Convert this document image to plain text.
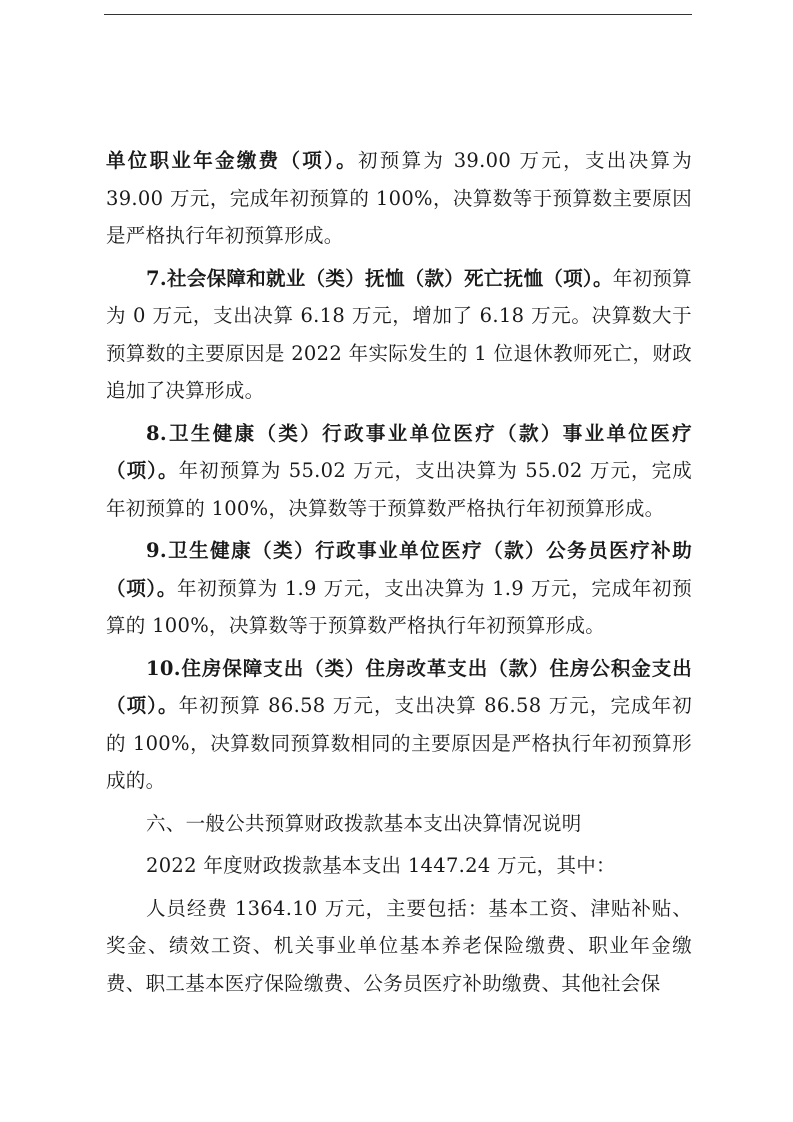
单位职业年金缴费（项）。初预算为 39.00 万元，支出决算为 39.00 万元，完成年初预算的 100%，决算数等于预算数主要原因是严格执行年初预算形成。

7.社会保障和就业（类）抚恤（款）死亡抚恤（项）。年初预算为 0 万元，支出决算 6.18 万元，增加了 6.18 万元。决算数大于预算数的主要原因是 2022 年实际发生的 1 位退休教师死亡，财政追加了决算形成。

8.卫生健康（类）行政事业单位医疗（款）事业单位医疗（项）。年初预算为 55.02 万元，支出决算为 55.02 万元，完成年初预算的 100%，决算数等于预算数严格执行年初预算形成。

9.卫生健康（类）行政事业单位医疗（款）公务员医疗补助（项）。年初预算为 1.9 万元，支出决算为 1.9 万元，完成年初预算的 100%，决算数等于预算数严格执行年初预算形成。

10.住房保障支出（类）住房改革支出（款）住房公积金支出（项）。年初预算 86.58 万元，支出决算 86.58 万元，完成年初的 100%，决算数同预算数相同的主要原因是严格执行年初预算形成的。

六、一般公共预算财政拨款基本支出决算情况说明

2022 年度财政拨款基本支出 1447.24 万元，其中：

人员经费 1364.10 万元，主要包括：基本工资、津贴补贴、奖金、绩效工资、机关事业单位基本养老保险缴费、职业年金缴费、职工基本医疗保险缴费、公务员医疗补助缴费、其他社会保
